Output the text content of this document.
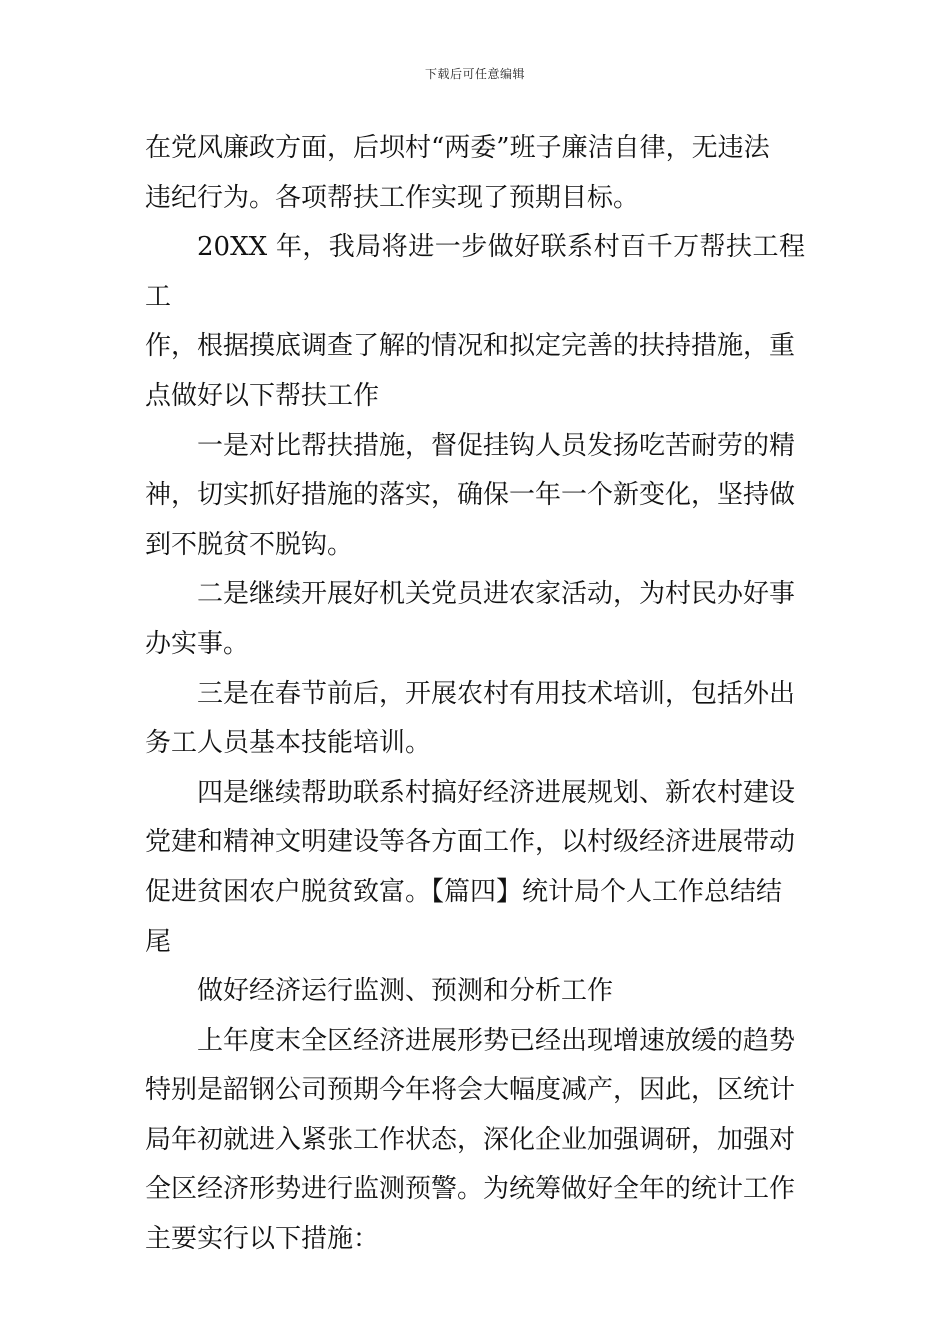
下载后可任意编辑

在党风廉政方面，后坝村“两委”班子廉洁自律，无违法
违纪行为。各项帮扶工作实现了预期目标。

20XX 年，我局将进一步做好联系村百千万帮扶工程工
作，根据摸底调查了解的情况和拟定完善的扶持措施，重
点做好以下帮扶工作

一是对比帮扶措施，督促挂钩人员发扬吃苦耐劳的精
神，切实抓好措施的落实，确保一年一个新变化，坚持做
到不脱贫不脱钩。

二是继续开展好机关党员进农家活动，为村民办好事
办实事。

三是在春节前后，开展农村有用技术培训，包括外出
务工人员基本技能培训。

四是继续帮助联系村搞好经济进展规划、新农村建设
党建和精神文明建设等各方面工作，以村级经济进展带动
促进贫困农户脱贫致富。【篇四】统计局个人工作总结结
尾

做好经济运行监测、预测和分析工作

上年度末全区经济进展形势已经出现增速放缓的趋势
特别是韶钢公司预期今年将会大幅度减产，因此，区统计
局年初就进入紧张工作状态，深化企业加强调研，加强对
全区经济形势进行监测预警。为统筹做好全年的统计工作
主要实行以下措施：
